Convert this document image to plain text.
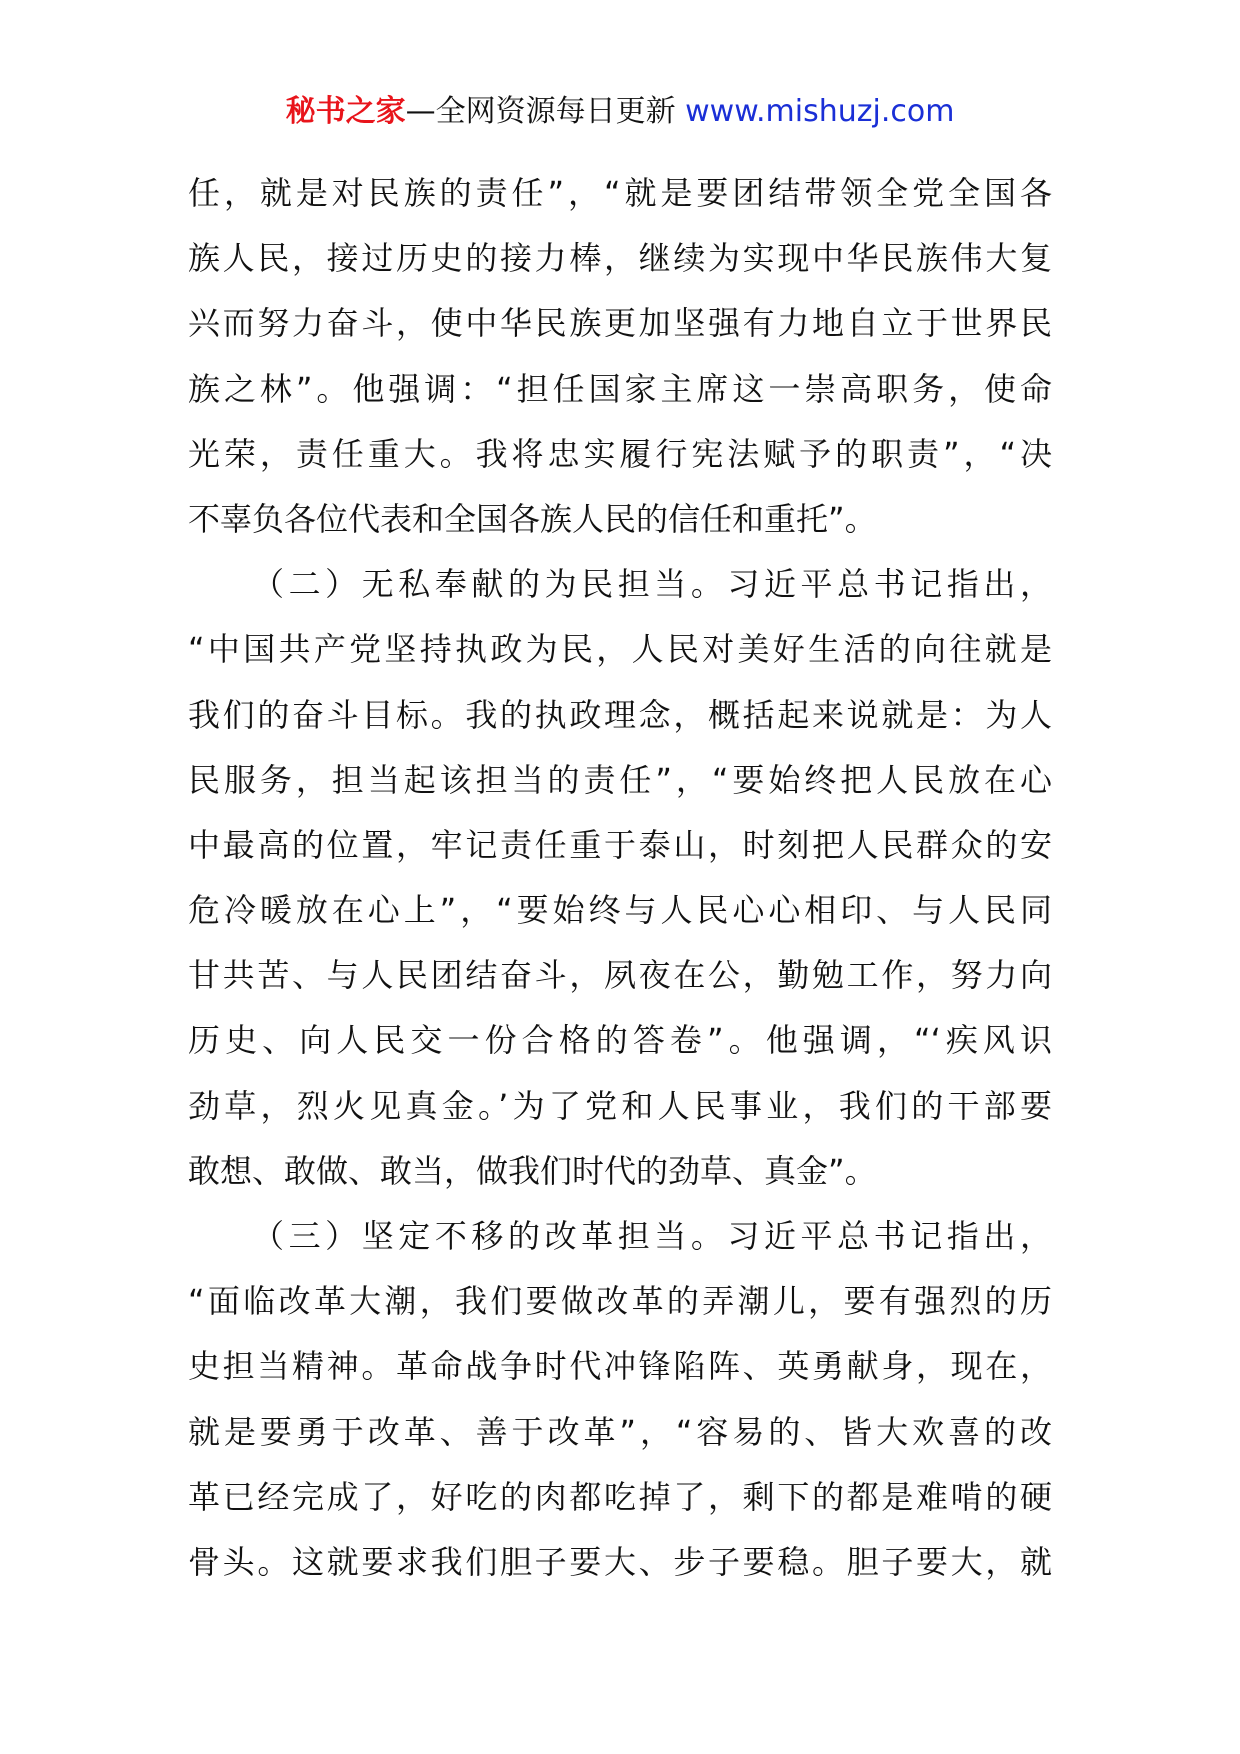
秘书之家—全网资源每日更新 www.mishuzj.com
任，就是对民族的责任”，“就是要团结带领全党全国各
族人民，接过历史的接力棒，继续为实现中华民族伟大复
兴而努力奋斗，使中华民族更加坚强有力地自立于世界民
族之林”。他强调：“担任国家主席这一崇高职务，使命
光荣，责任重大。我将忠实履行宪法赋予的职责”，“决
不辜负各位代表和全国各族人民的信任和重托”。
（二）无私奉献的为民担当。习近平总书记指出，
“中国共产党坚持执政为民，人民对美好生活的向往就是
我们的奋斗目标。我的执政理念，概括起来说就是：为人
民服务，担当起该担当的责任”，“要始终把人民放在心
中最高的位置，牢记责任重于泰山，时刻把人民群众的安
危冷暖放在心上”，“要始终与人民心心相印、与人民同
甘共苦、与人民团结奋斗，夙夜在公，勤勉工作，努力向
历史、向人民交一份合格的答卷”。他强调，“‘疾风识
劲草，烈火见真金。’为了党和人民事业，我们的干部要
敢想、敢做、敢当，做我们时代的劲草、真金”。
（三）坚定不移的改革担当。习近平总书记指出，
“面临改革大潮，我们要做改革的弄潮儿，要有强烈的历
史担当精神。革命战争时代冲锋陷阵、英勇献身，现在，
就是要勇于改革、善于改革”，“容易的、皆大欢喜的改
革已经完成了，好吃的肉都吃掉了，剩下的都是难啃的硬
骨头。这就要求我们胆子要大、步子要稳。胆子要大，就
